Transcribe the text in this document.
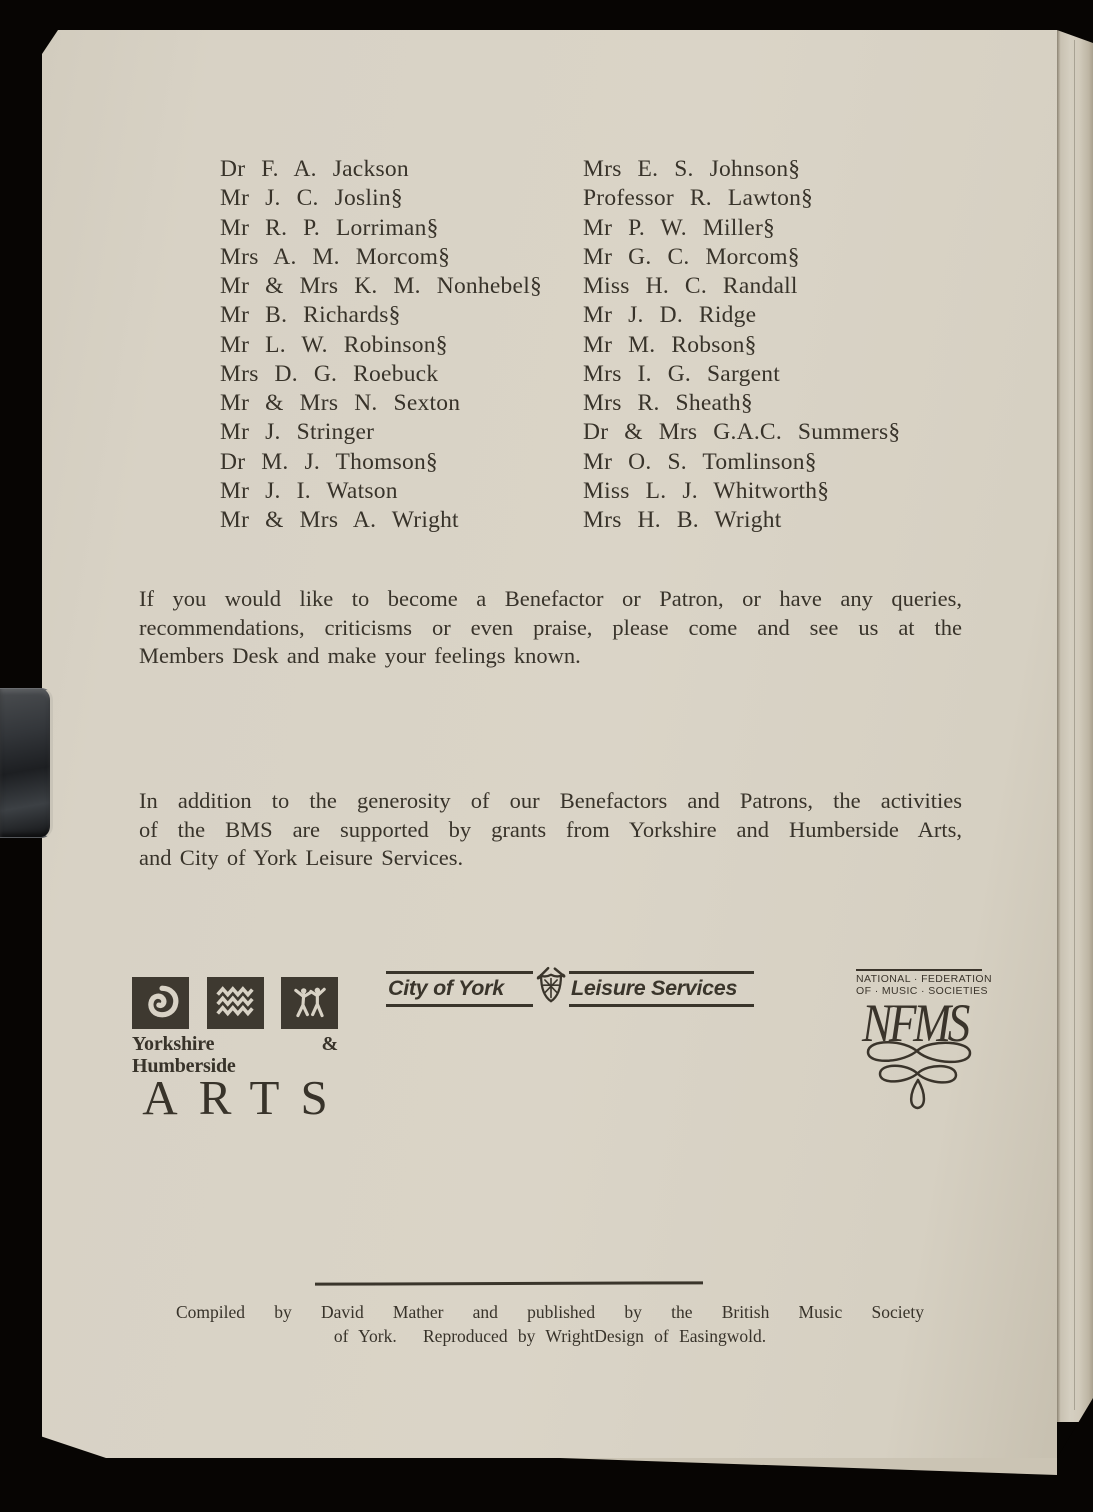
Dr F. A. Jackson
Mr J. C. Joslin§
Mr R. P. Lorriman§
Mrs A. M. Morcom§
Mr & Mrs K. M. Nonhebel§
Mr B. Richards§
Mr L. W. Robinson§
Mrs D. G. Roebuck
Mr & Mrs N. Sexton
Mr J. Stringer
Dr M. J. Thomson§
Mr J. I. Watson
Mr & Mrs A. Wright
Mrs E. S. Johnson§
Professor R. Lawton§
Mr P. W. Miller§
Mr G. C. Morcom§
Miss H. C. Randall
Mr J. D. Ridge
Mr M. Robson§
Mrs I. G. Sargent
Mrs R. Sheath§
Dr & Mrs G.A.C. Summers§
Mr O. S. Tomlinson§
Miss L. J. Whitworth§
Mrs H. B. Wright
If you would like to become a Benefactor or Patron, or have any queries,
recommendations, criticisms or even praise, please come and see us at the
Members Desk and make your feelings known.
In addition to the generosity of our Benefactors and Patrons, the activities
of the BMS are supported by grants from Yorkshire and Humberside Arts,
and City of York Leisure Services.
Yorkshire & Humberside
ARTS
City of York	Leisure Services	NATIONAL · FEDERATION
OF · MUSIC · SOCIETIES
NFMS
Compiled by David Mather and published by the British Music Society
of York.  Reproduced by WrightDesign of Easingwold.
